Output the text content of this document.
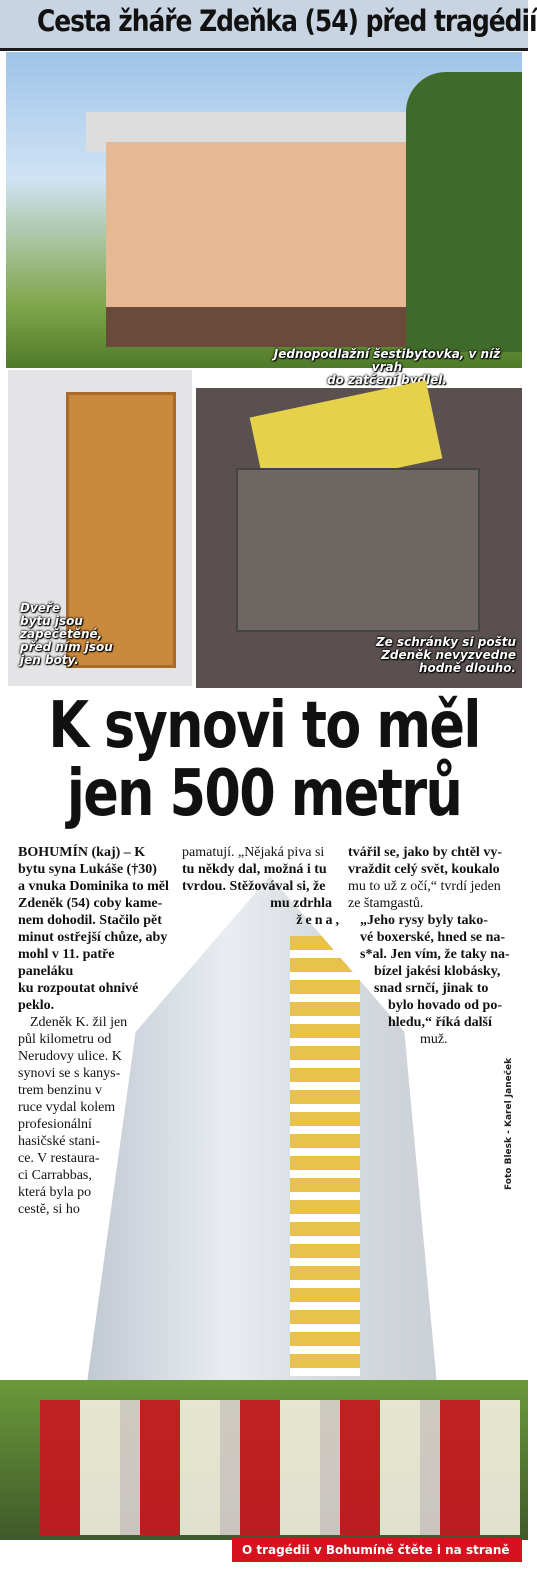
Cesta žháře Zdeňka (54) před tragédií
Jednopodlažní šestibytovka, v níž vrah
do zatčení bydlel.
Dveře
bytu jsou
zapečetěné,
před ním jsou
jen boty.
Ze schránky si poštu
Zdeněk nevyzvedne
hodně dlouho.
K synovi to měl
jen 500 metrů
BOHUMÍN (kaj) – K
bytu syna Lukáše (†30)
a vnuka Dominika to měl
Zdeněk (54) coby kame-
nem dohodil. Stačilo pět
minut ostřejší chůze, aby
mohl v 11. patře paneláku
ku rozpoutat ohnivé
peklo.
Zdeněk K. žil jen
půl kilometru od
Nerudovy ulice. K
synovi se s kanys-
trem benzinu v
ruce vydal kolem
profesionální
hasičské stani-
ce. V restaura-
ci Carrabbas,
která byla po
cestě, si ho
pamatují. „Nějaká piva si
tu někdy dal, možná i tu
tvrdou. Stěžovával si, že
mu zdrhla
žena,
tvářil se, jako by chtěl vy-
vraždit celý svět, koukalo
mu to už z očí,“ tvrdí jeden
ze štamgastů.
„Jeho rysy byly tako-
vé boxerské, hned se na-
s*al. Jen vím, že taky na-
bízel jakési klobásky,
snad srnčí, jinak to
bylo hovado od po-
hledu,“ říká další
muž.
Foto Blesk - Karel Janeček
O tragédii v Bohumíně čtěte i na straně 4
